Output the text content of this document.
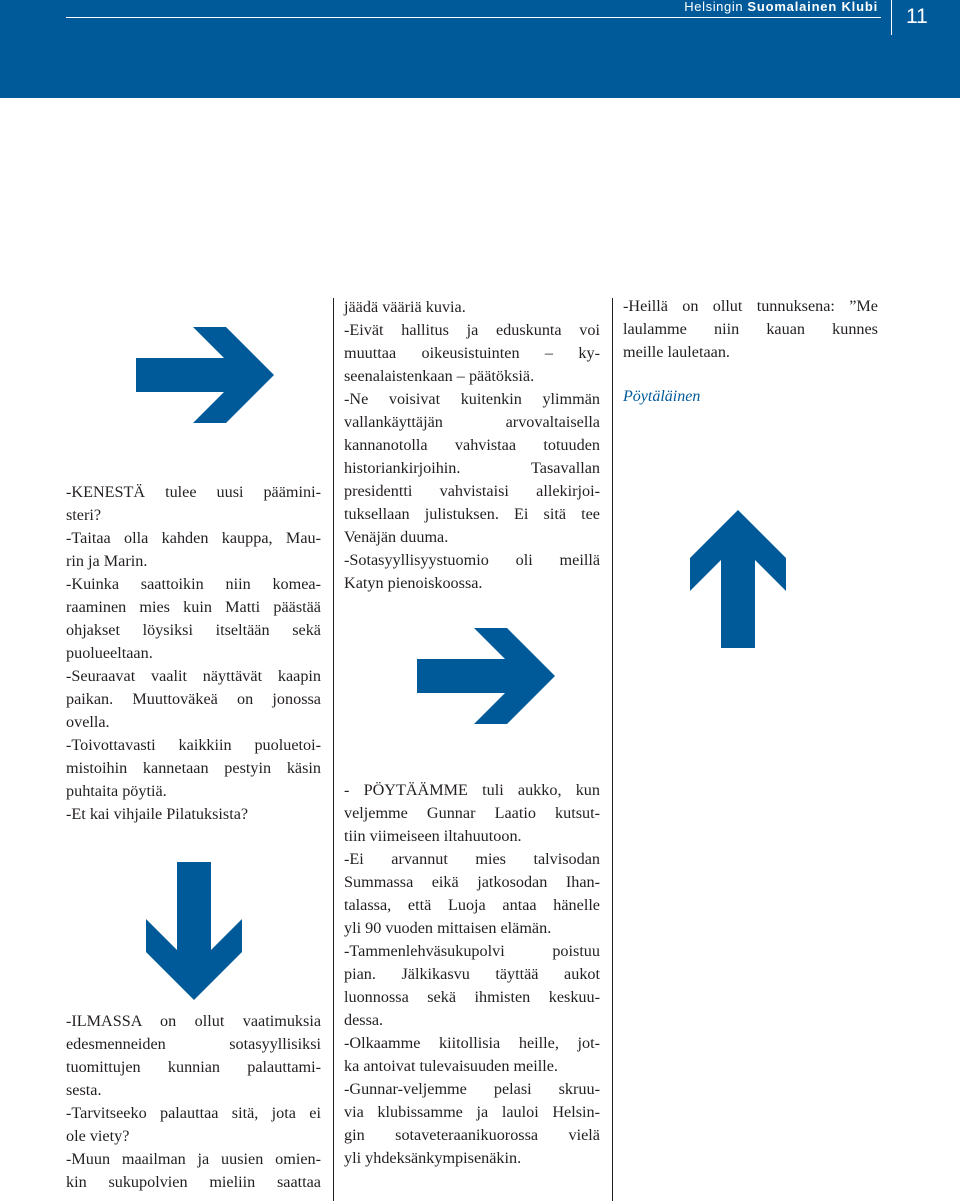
Helsingin Suomalainen Klubi 11
-KENESTÄ tulee uusi päämini-
steri?
-Taitaa olla kahden kauppa, Mau-
rin ja Marin.
-Kuinka saattoikin niin komea-
raaminen mies kuin Matti päästää
ohjakset löysiksi itseltään sekä
puolueeltaan.
-Seuraavat vaalit näyttävät kaapin
paikan. Muuttoväkeä on jonossa
ovella.
-Toivottavasti kaikkiin puoluetoi-
mistoihin kannetaan pestyin käsin
puhtaita pöytiä.
-Et kai vihjaile Pilatuksista?
-ILMASSA on ollut vaatimuksia
edesmenneiden sotasyyllisiksi
tuomittujen kunnian palauttami-
sesta.
-Tarvitseeko palauttaa sitä, jota ei
ole viety?
-Muun maailman ja uusien omien-
kin sukupolvien mieliin saattaa
jäädä vääriä kuvia.
-Eivät hallitus ja eduskunta voi
muuttaa oikeusistuinten – ky-
seenalaistenkaan – päätöksiä.
-Ne voisivat kuitenkin ylimmän
vallankäyttäjän arvovaltaisella
kannanotolla vahvistaa totuuden
historiankirjoihin. Tasavallan
presidentti vahvistaisi allekirjoi-
tuksellaan julistuksen. Ei sitä tee
Venäjän duuma.
-Sotasyyllisyystuomio oli meillä
Katyn pienoiskoossa.
- PÖYTÄÄMME tuli aukko, kun
veljemme Gunnar Laatio kutsut-
tiin viimeiseen iltahuutoon.
-Ei arvannut mies talvisodan
Summassa eikä jatkosodan Ihan-
talassa, että Luoja antaa hänelle
yli 90 vuoden mittaisen elämän.
-Tammenlehväsukupolvi poistuu
pian. Jälkikasvu täyttää aukot
luonnossa sekä ihmisten keskuu-
dessa.
-Olkaamme kiitollisia heille, jot-
ka antoivat tulevaisuuden meille.
-Gunnar-veljemme pelasi skruu-
via klubissamme ja lauloi Helsin-
gin sotaveteraanikuorossa vielä
yli yhdeksänkympisenäkin.
-Heillä on ollut tunnuksena: ”Me
laulamme niin kauan kunnes
meille lauletaan.
Pöytäläinen
